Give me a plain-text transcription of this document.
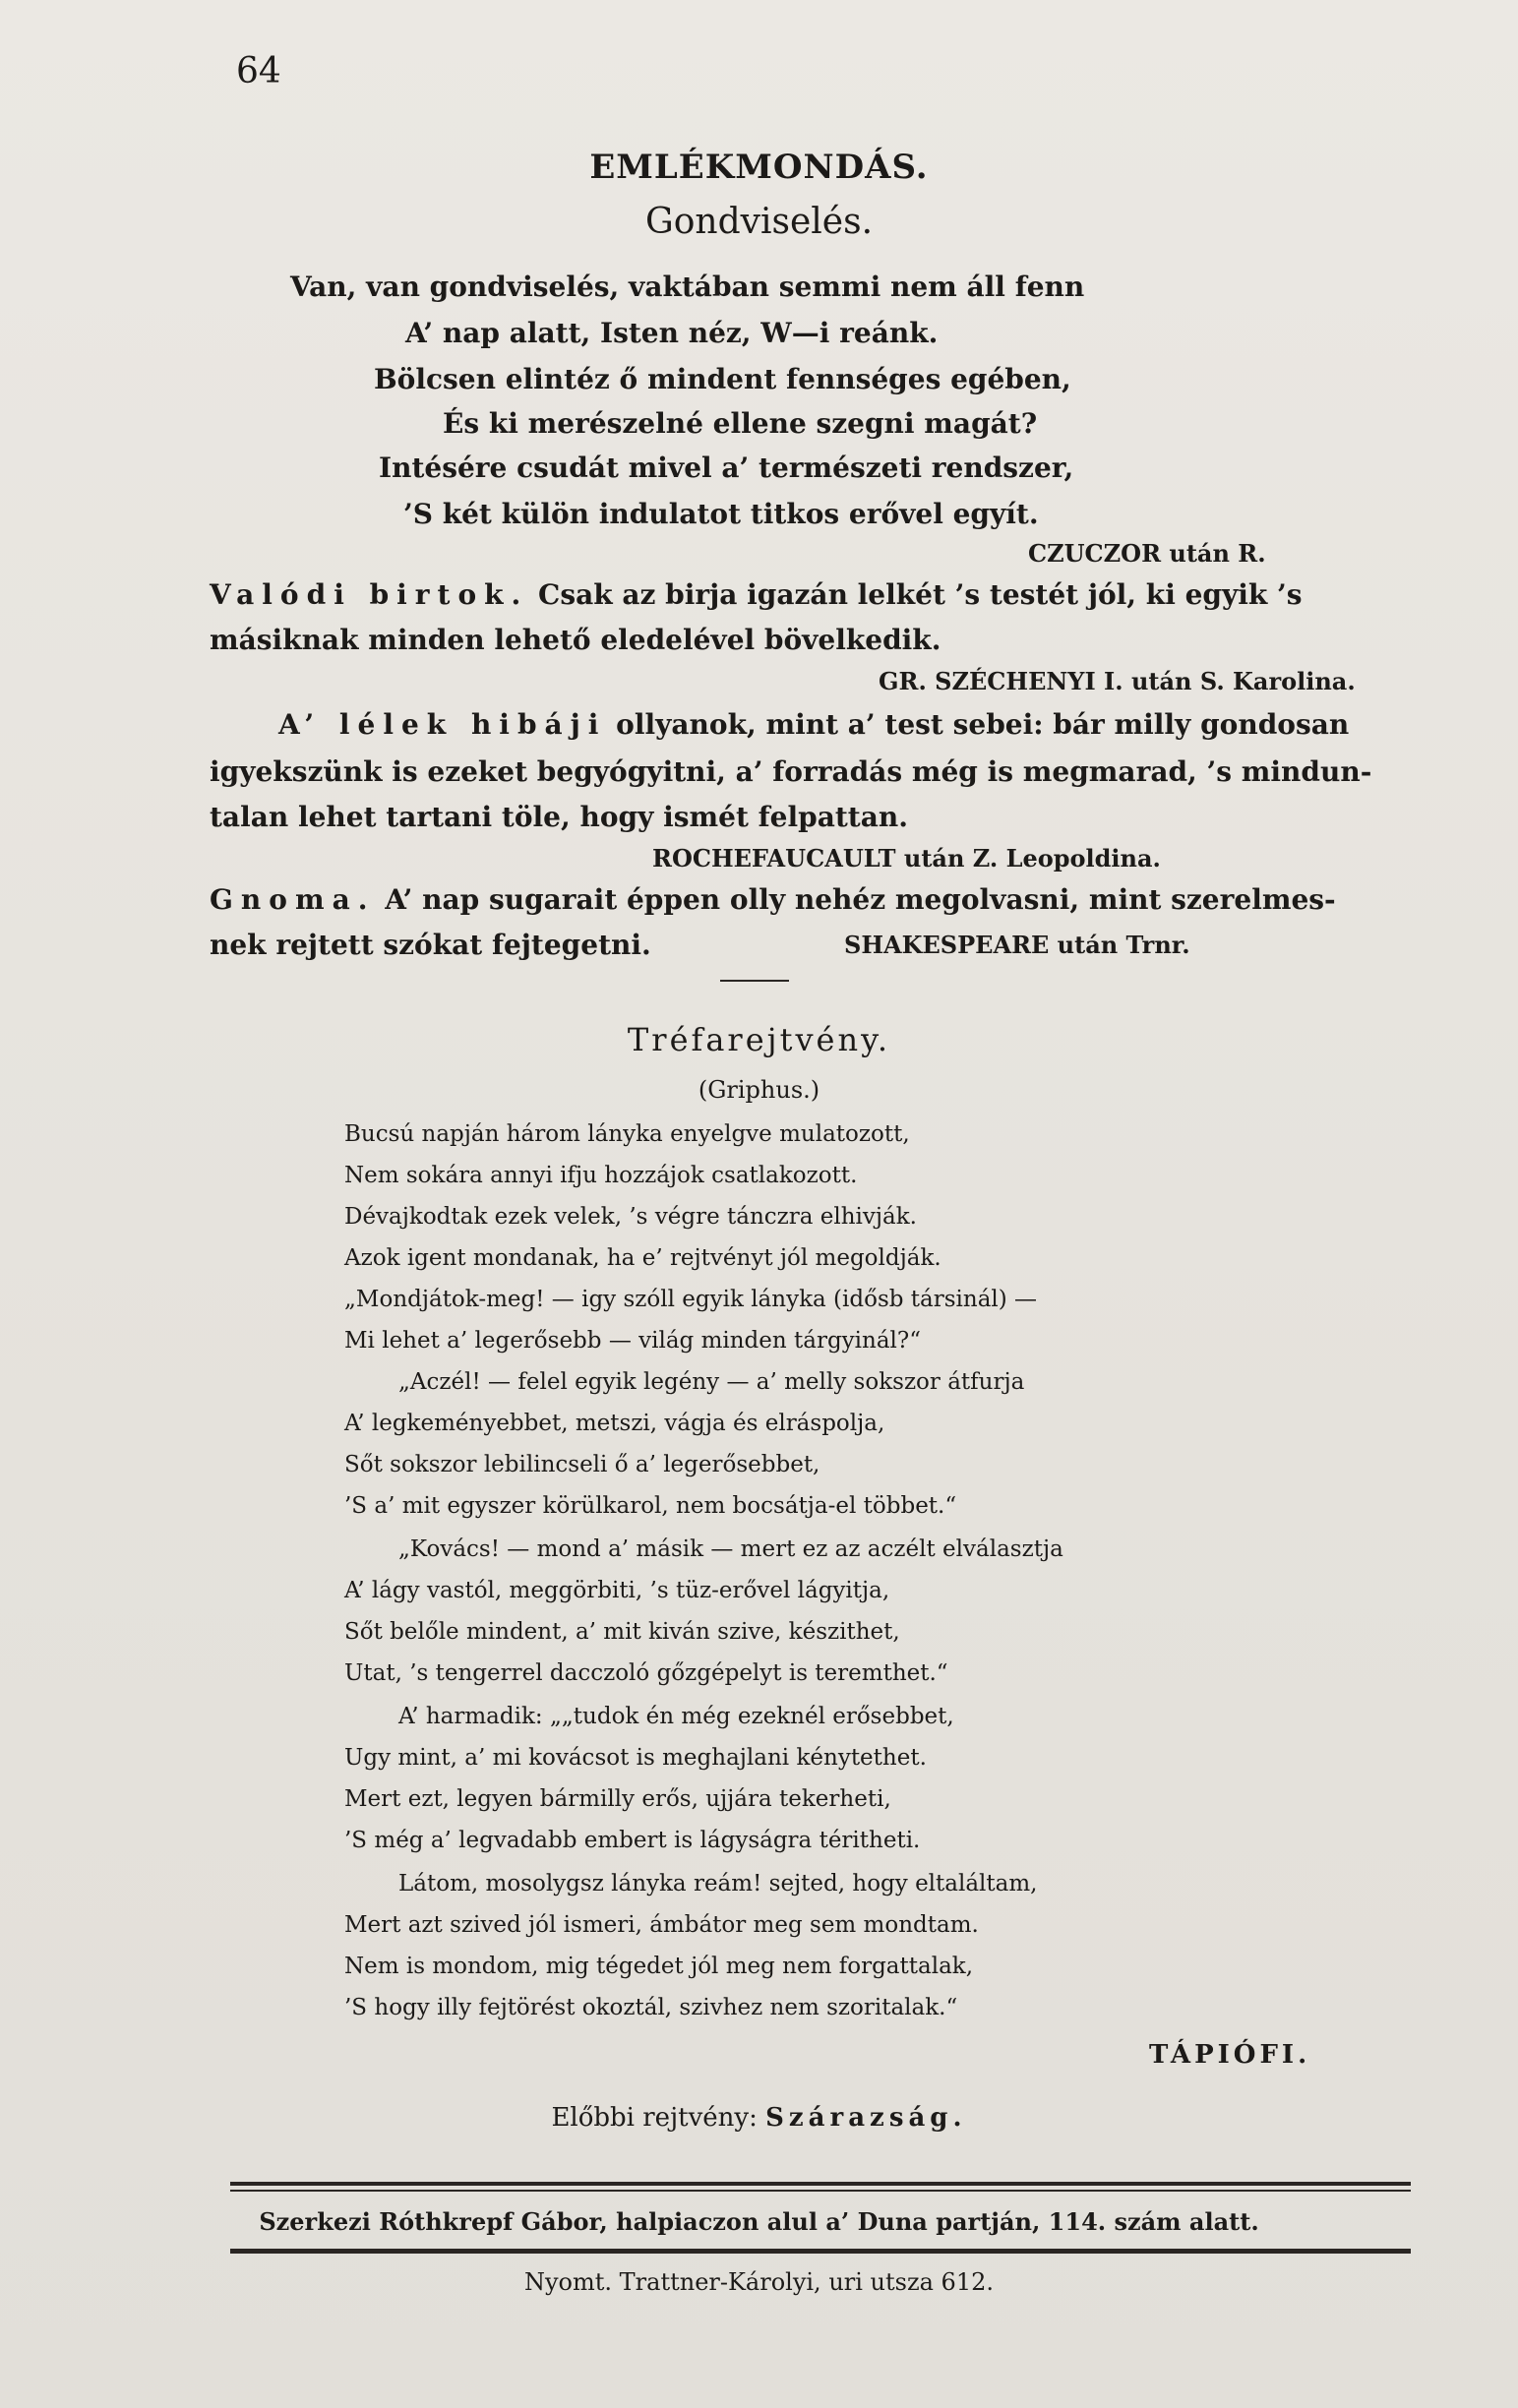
64
EMLÉKMONDÁS.
Gondviselés.
Van, van gondviselés, vaktában semmi nem áll fenn
A’ nap alatt, Isten néz, W—i reánk.
Bölcsen elintéz ő mindent fennséges egében,
És ki merészelné ellene szegni magát?
Intésére csudát mivel a’ természeti rendszer,
’S két külön indulatot titkos erővel egyít.
CZUCZOR után R.
Valódi birtok. Csak az birja igazán lelkét ’s testét jól, ki egyik ’s
másiknak minden lehető eledelével bövelkedik.
GR. SZÉCHENYI I. után S. Karolina.
A’ lélek hibáji ollyanok, mint a’ test sebei: bár milly gondosan
igyekszünk is ezeket begyógyitni, a’ forradás még is megmarad, ’s mindun-
talan lehet tartani töle, hogy ismét felpattan.
ROCHEFAUCAULT után Z. Leopoldina.
Gnoma. A’ nap sugarait éppen olly nehéz megolvasni, mint szerelmes-
nek rejtett szókat fejtegetni.	SHAKESPEARE után Trnr.
Tréfarejtvény.
(Griphus.)
Bucsú napján három lányka enyelgve mulatozott,
Nem sokára annyi ifju hozzájok csatlakozott.
Dévajkodtak ezek velek, ’s végre tánczra elhivják.
Azok igent mondanak, ha e’ rejtvényt jól megoldják.
„Mondjátok-meg! — igy szóll egyik lányka (idősb társinál) —
Mi lehet a’ legerősebb — világ minden tárgyinál?“
„Aczél! — felel egyik legény — a’ melly sokszor átfurja
A’ legkeményebbet, metszi, vágja és elráspolja,
Sőt sokszor lebilincseli ő a’ legerősebbet,
’S a’ mit egyszer körülkarol, nem bocsátja-el többet.“
„Kovács! — mond a’ másik — mert ez az aczélt elválasztja
A’ lágy vastól, meggörbiti, ’s tüz-erővel lágyitja,
Sőt belőle mindent, a’ mit kiván szive, készithet,
Utat, ’s tengerrel dacczoló gőzgépelyt is teremthet.“
A’ harmadik: „„tudok én még ezeknél erősebbet,
Ugy mint, a’ mi kovácsot is meghajlani kénytethet.
Mert ezt, legyen bármilly erős, ujjára tekerheti,
’S még a’ legvadabb embert is lágyságra téritheti.
Látom, mosolygsz lányka reám! sejted, hogy eltaláltam,
Mert azt szived jól ismeri, ámbátor meg sem mondtam.
Nem is mondom, mig tégedet jól meg nem forgattalak,
’S hogy illy fejtörést okoztál, szivhez nem szoritalak.“
TÁPIÓFI.
Előbbi rejtvény: Szárazság.
Szerkezi Róthkrepf Gábor, halpiaczon alul a’ Duna partján, 114. szám alatt.
Nyomt. Trattner-Károlyi, uri utsza 612.
